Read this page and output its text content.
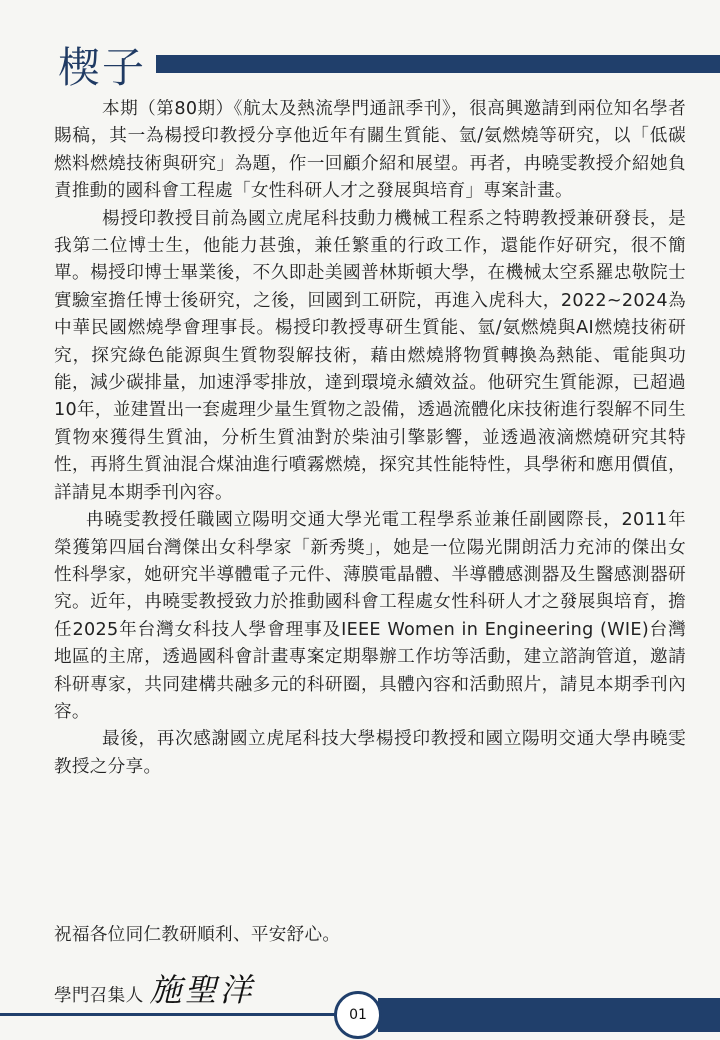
楔子

本期（第80期）《航太及熱流學門通訊季刊》，很高興邀請到兩位知名學者賜稿，其一為楊授印教授分享他近年有關生質能、氫/氨燃燒等研究，以「低碳燃料燃燒技術與研究」為題，作一回顧介紹和展望。再者，冉曉雯教授介紹她負責推動的國科會工程處「女性科研人才之發展與培育」專案計畫。

楊授印教授目前為國立虎尾科技動力機械工程系之特聘教授兼研發長，是我第二位博士生，他能力甚強，兼任繁重的行政工作，還能作好研究，很不簡單。楊授印博士畢業後，不久即赴美國普林斯頓大學，在機械太空系羅忠敬院士實驗室擔任博士後研究，之後，回國到工研院，再進入虎科大，2022~2024為中華民國燃燒學會理事長。楊授印教授專研生質能、氫/氨燃燒與AI燃燒技術研究，探究綠色能源與生質物裂解技術，藉由燃燒將物質轉換為熱能、電能與功能，減少碳排量，加速淨零排放，達到環境永續效益。他研究生質能源，已超過10年，並建置出一套處理少量生質物之設備，透過流體化床技術進行裂解不同生質物來獲得生質油，分析生質油對於柴油引擎影響，並透過液滴燃燒研究其特性，再將生質油混合煤油進行噴霧燃燒，探究其性能特性，具學術和應用價值，詳請見本期季刊內容。

冉曉雯教授任職國立陽明交通大學光電工程學系並兼任副國際長，2011年榮獲第四屆台灣傑出女科學家「新秀獎」，她是一位陽光開朗活力充沛的傑出女性科學家，她研究半導體電子元件、薄膜電晶體、半導體感測器及生醫感測器研究。近年，冉曉雯教授致力於推動國科會工程處女性科研人才之發展與培育，擔任2025年台灣女科技人學會理事及IEEE Women in Engineering (WIE)台灣地區的主席，透過國科會計畫專案定期舉辦工作坊等活動，建立諮詢管道，邀請科研專家，共同建構共融多元的科研圈，具體內容和活動照片，請見本期季刊內容。

最後，再次感謝國立虎尾科技大學楊授印教授和國立陽明交通大學冉曉雯教授之分享。

祝福各位同仁教研順利、平安舒心。
學門召集人 施聖洋
01
